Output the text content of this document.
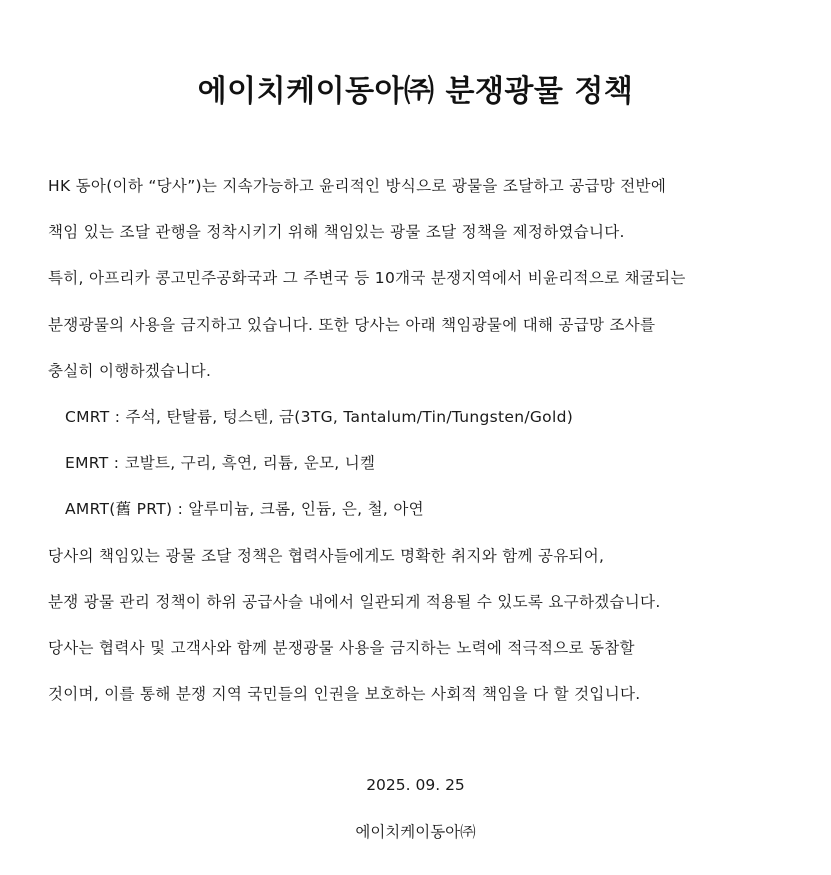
에이치케이동아㈜ 분쟁광물 정책
HK 동아(이하 “당사”)는 지속가능하고 윤리적인 방식으로 광물을 조달하고 공급망 전반에
책임 있는 조달 관행을 정착시키기 위해 책임있는 광물 조달 정책을 제정하였습니다.
특히, 아프리카 콩고민주공화국과 그 주변국 등 10개국 분쟁지역에서 비윤리적으로 채굴되는
분쟁광물의 사용을 금지하고 있습니다. 또한 당사는 아래 책임광물에 대해 공급망 조사를
충실히 이행하겠습니다.
CMRT : 주석, 탄탈륨, 텅스텐, 금(3TG, Tantalum/Tin/Tungsten/Gold)
EMRT : 코발트, 구리, 흑연, 리튬, 운모, 니켈
AMRT(舊 PRT) : 알루미늄, 크롬, 인듐, 은, 철, 아연
당사의 책임있는 광물 조달 정책은 협력사들에게도 명확한 취지와 함께 공유되어,
분쟁 광물 관리 정책이 하위 공급사슬 내에서 일관되게 적용될 수 있도록 요구하겠습니다.
당사는 협력사 및 고객사와 함께 분쟁광물 사용을 금지하는 노력에 적극적으로 동참할
것이며, 이를 통해 분쟁 지역 국민들의 인권을 보호하는 사회적 책임을 다 할 것입니다.
2025. 09. 25
에이치케이동아㈜
